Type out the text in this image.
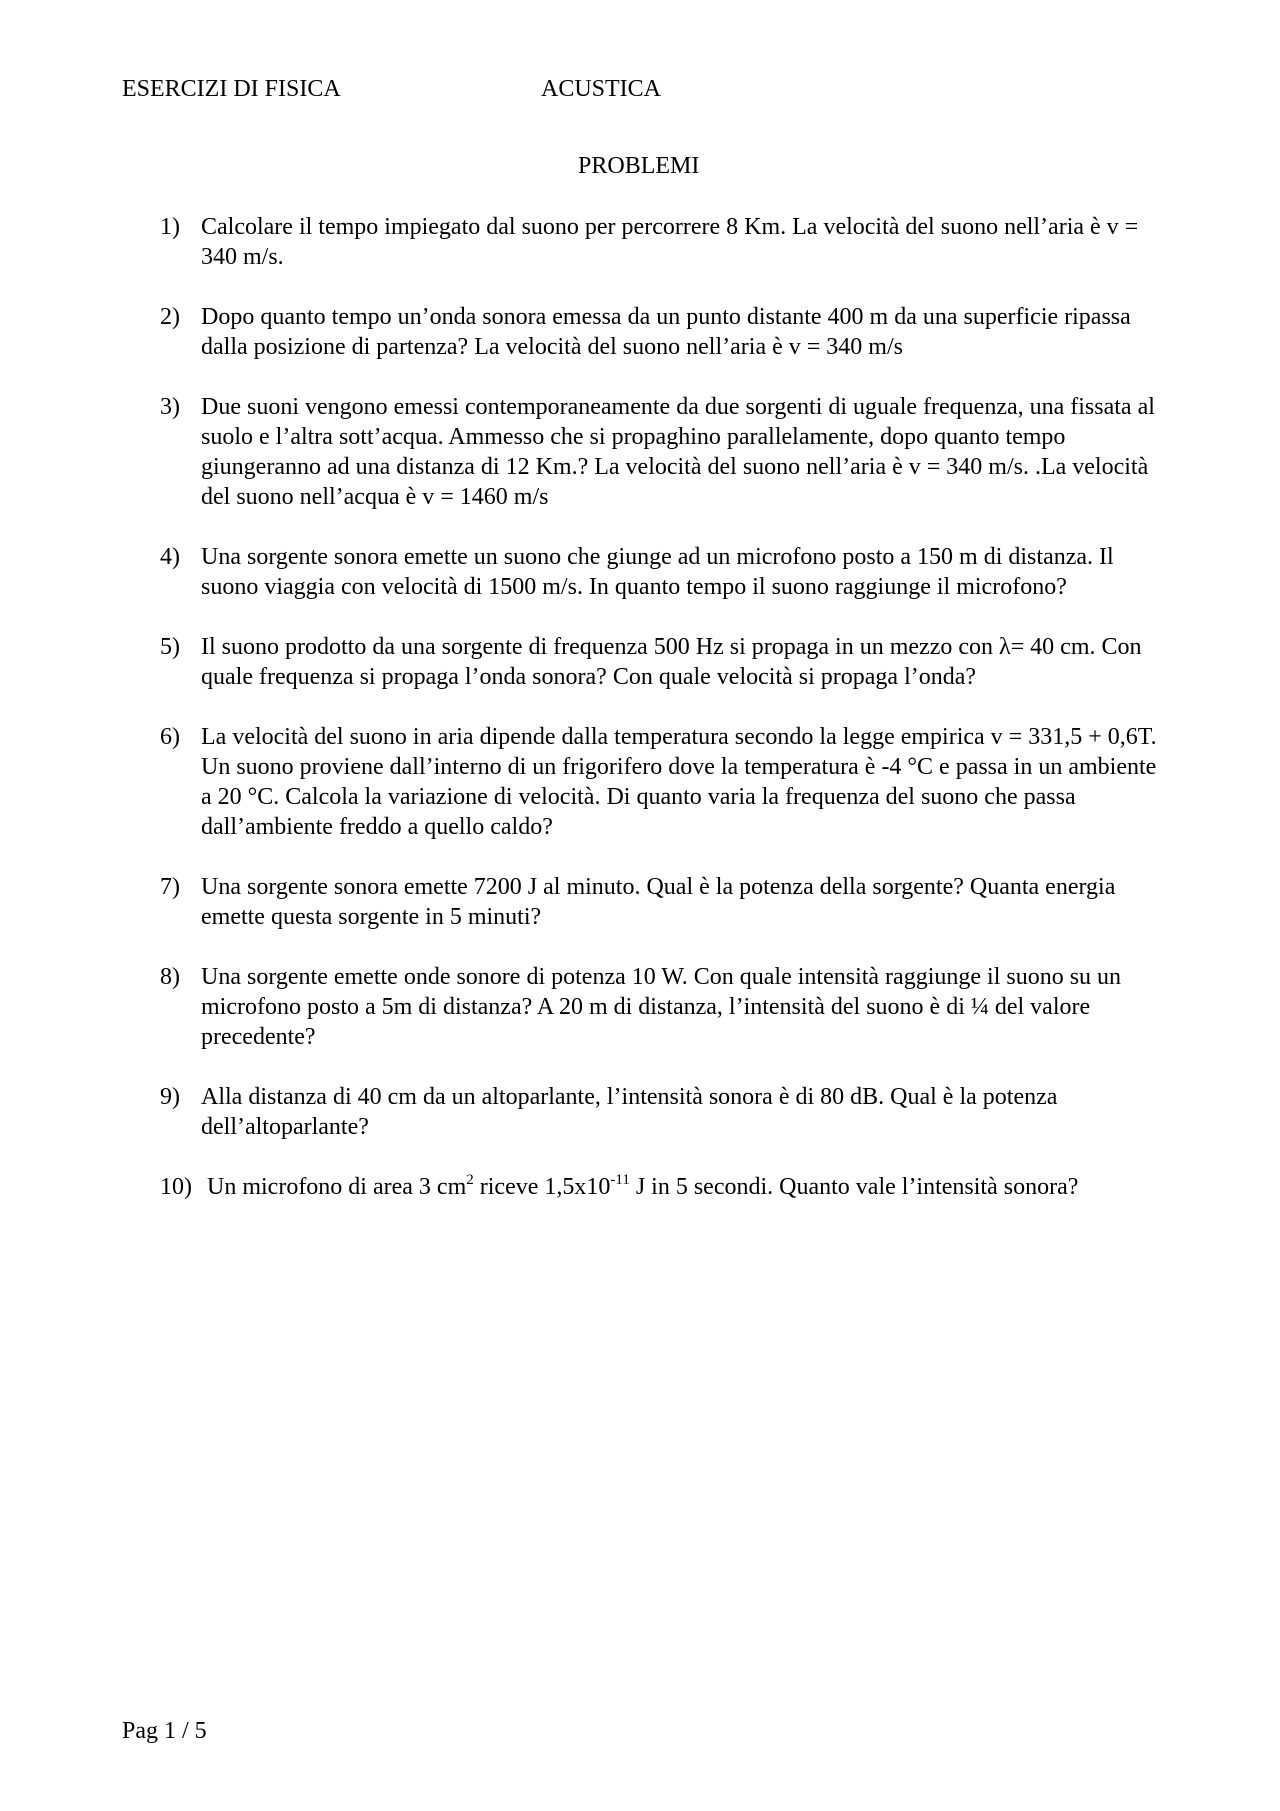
ESERCIZI DI FISICA	ACUSTICA
PROBLEMI
1) Calcolare il tempo impiegato dal suono per percorrere 8 Km. La velocità del suono nell’aria è v = 340 m/s.
2) Dopo quanto tempo un’onda sonora emessa da un punto distante 400 m da una superficie ripassa dalla posizione di partenza? La velocità del suono nell’aria è v = 340 m/s
3) Due suoni vengono emessi contemporaneamente da due sorgenti di uguale frequenza, una fissata al suolo e l’altra sott’acqua. Ammesso che si propaghino parallelamente, dopo quanto tempo giungeranno ad una distanza di 12 Km.? La velocità del suono nell’aria è v = 340 m/s. .La velocità del suono nell’acqua è v = 1460 m/s
4) Una sorgente sonora emette un suono che giunge ad un microfono posto a 150 m di distanza. Il suono viaggia con velocità di 1500 m/s. In quanto tempo il suono raggiunge il microfono?
5) Il suono prodotto da una sorgente di frequenza 500 Hz si propaga in un mezzo con λ= 40 cm. Con quale frequenza si propaga l’onda sonora? Con quale velocità si propaga l’onda?
6) La velocità del suono in aria dipende dalla temperatura secondo la legge empirica v = 331,5 + 0,6T. Un suono proviene dall’interno di un frigorifero dove la temperatura è -4 °C e passa in un ambiente a 20 °C. Calcola la variazione di velocità. Di quanto varia la frequenza del suono che passa dall’ambiente freddo a quello caldo?
7) Una sorgente sonora emette 7200 J al minuto. Qual è la potenza della sorgente? Quanta energia emette questa sorgente in 5 minuti?
8) Una sorgente emette onde sonore di potenza 10 W. Con quale intensità raggiunge il suono su un microfono posto a 5m di distanza? A 20 m di distanza, l’intensità del suono è di ¼ del valore precedente?
9) Alla distanza di 40 cm da un altoparlante, l’intensità sonora è di 80 dB. Qual è la potenza dell’altoparlante?
10) Un microfono di area 3 $cm^2$ riceve $1,5x10^{-11}$ J in 5 secondi. Quanto vale l’intensità sonora?
Pag 1 / 5
